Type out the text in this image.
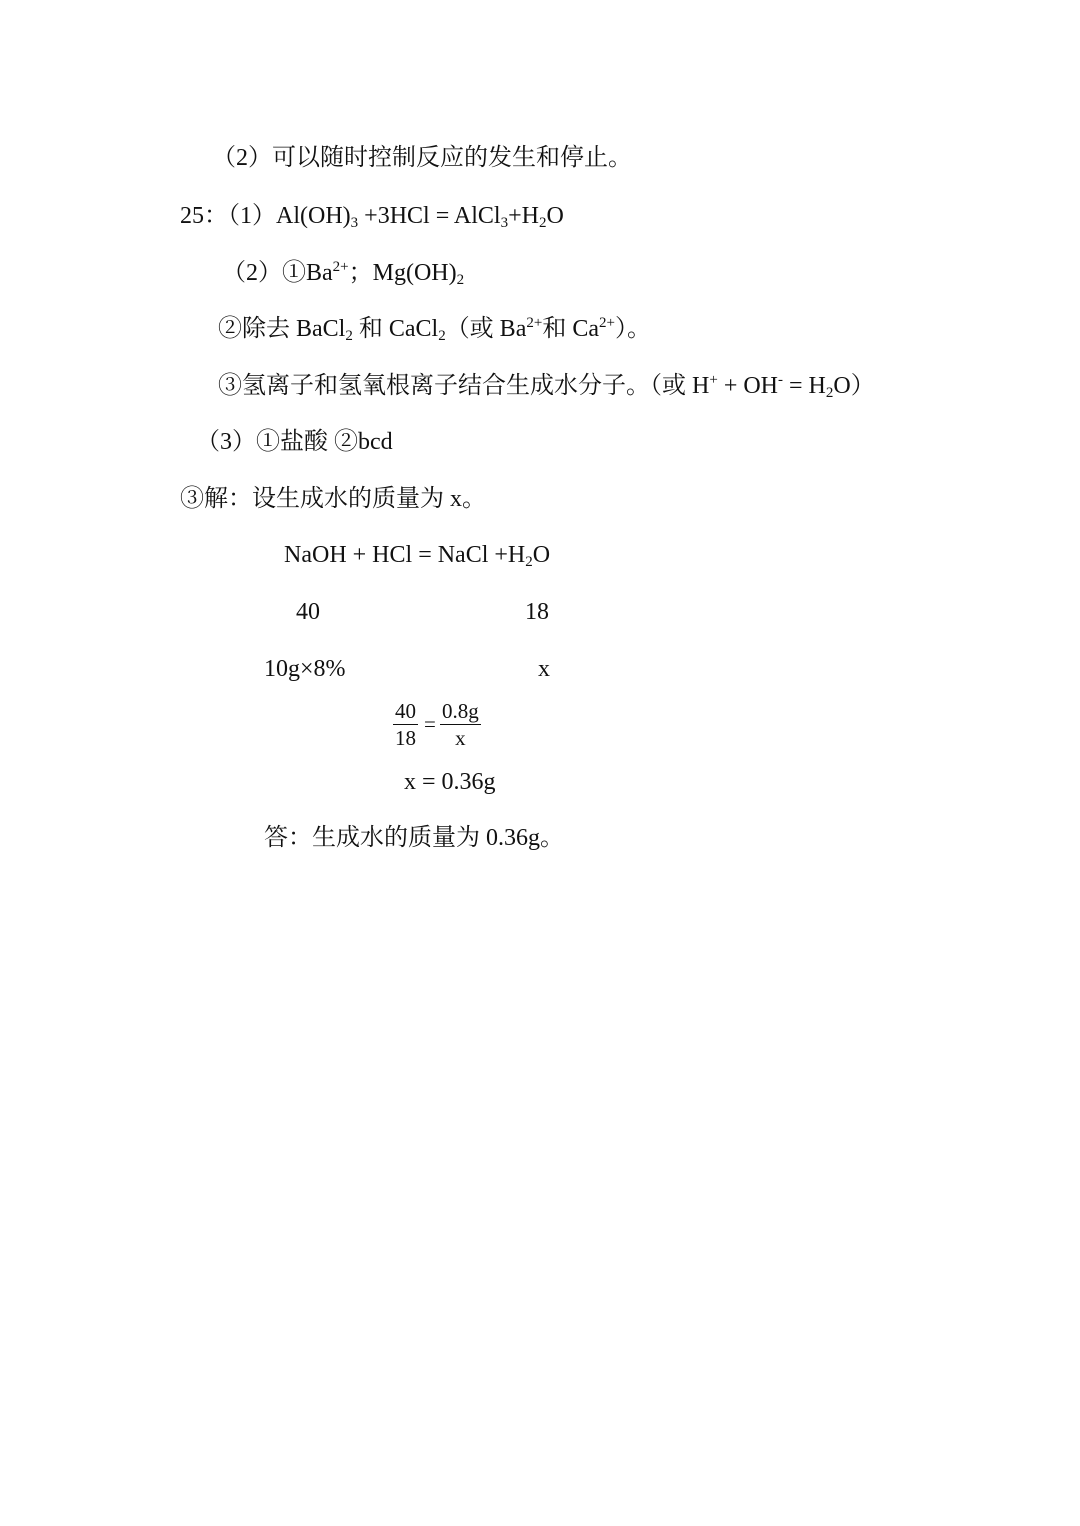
（2）可以随时控制反应的发生和停止。
25：$(1)Al(OH)_3 +3HCl$ = $AlCl_3+H_2O$
$(2)①Ba^{2+}$；$Mg(OH)_2$
②除去 BaCl$_2$ 和 CaCl$_2$（或 $Ba^{2+}$和 $Ca^{2+}$）。
③氢离子和氢氧根离子结合生成水分子。（或 $H^+ + OH^- = H_2O$）
（3）①盐酸 ②bcd
③解：设生成水的质量为 x。
NaOH + HCl = NaCl $+H_2O$
40	18
10g×8%	x
$\frac{40}{18} = \frac{0.8g}{x}$
x = 0.36g
答：生成水的质量为 0.36g。
